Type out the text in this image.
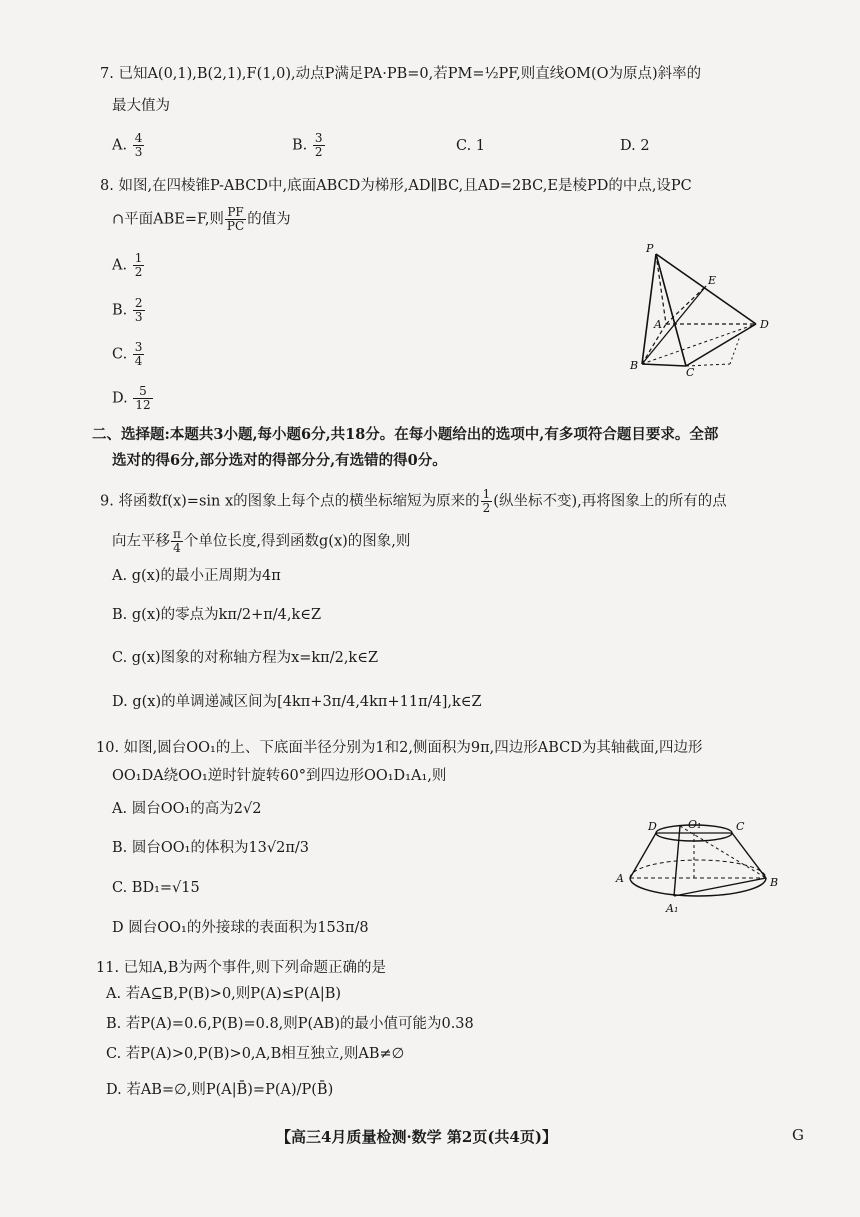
7. 已知A(0,1),B(2,1),F(1,0),动点P满足PA·PB=0,若PM=½PF,则直线OM(O为原点)斜率的
最大值为
A. $\frac{4}{3}$	B. $\frac{3}{2}$	C. 1	D. 2
8. 如图,在四棱锥P-ABCD中,底面ABCD为梯形,AD∥BC,且AD=2BC,E是棱PD的中点,设PC
∩平面ABE=F,则 $\frac{PF}{PC}$ 的值为
A. $\frac{1}{2}$
B. $\frac{2}{3}$
C. $\frac{3}{4}$
D. $\frac{5}{12}$
P
E
A	D
B
C
二、选择题:本题共3小题,每小题6分,共18分。在每小题给出的选项中,有多项符合题目要求。全部
选对的得6分,部分选对的得部分分,有选错的得0分。
9. 将函数f(x)=sin x的图象上每个点的横坐标缩短为原来的 $\frac{1}{2}$ (纵坐标不变),再将图象上的所有的点
向左平移 $\frac{\pi}{4}$ 个单位长度,得到函数g(x)的图象,则
A. g(x)的最小正周期为4π
B. g(x)的零点为kπ/2+π/4,k∈Z
C. g(x)图象的对称轴方程为x=kπ/2,k∈Z
D. g(x)的单调递减区间为[4kπ+3π/4,4kπ+11π/4],k∈Z
10. 如图,圆台OO₁的上、下底面半径分别为1和2,侧面积为9π,四边形ABCD为其轴截面,四边形
OO₁DA绕OO₁逆时针旋转60°到四边形OO₁D₁A₁,则
A. 圆台OO₁的高为2√2
B. 圆台OO₁的体积为13√2π/3
C. BD₁=√15
D 圆台OO₁的外接球的表面积为153π/8
D	O₁	C
A	B
A₁
11. 已知A,B为两个事件,则下列命题正确的是
A. 若A⊆B,P(B)>0,则P(A)≤P(A|B)
B. 若P(A)=0.6,P(B)=0.8,则P(AB)的最小值可能为0.38
C. 若P(A)>0,P(B)>0,A,B相互独立,则AB≠∅
D. 若AB=∅,则P(A|B̄)=P(A)/P(B̄)
【高三4月质量检测·数学 第2页(共4页)】	G
